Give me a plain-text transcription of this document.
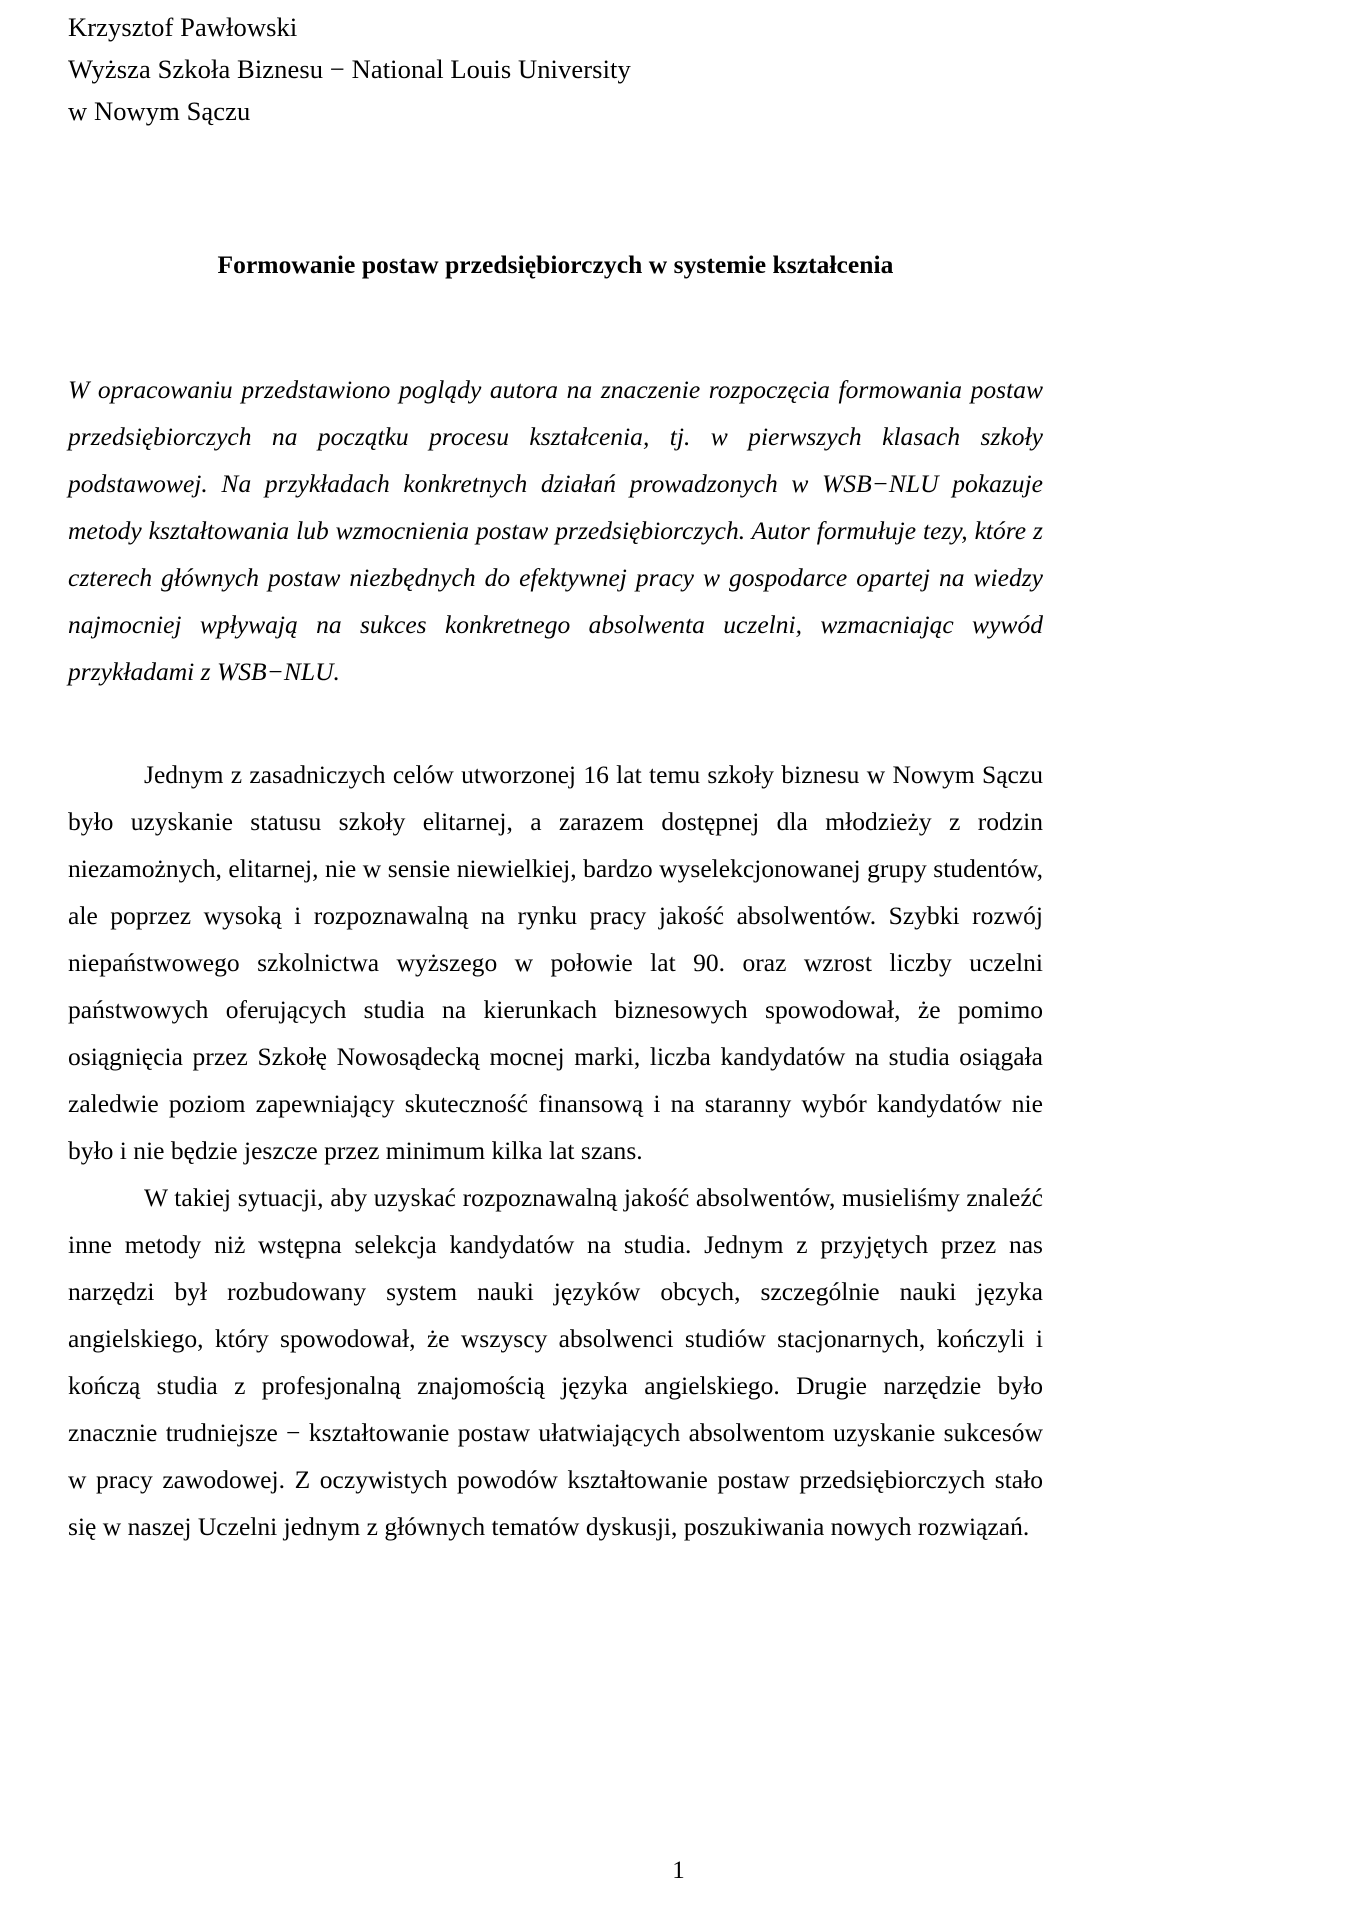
Krzysztof Pawłowski
Wyższa Szkoła Biznesu − National Louis University
w Nowym Sączu
Formowanie postaw przedsiębiorczych w systemie kształcenia

W opracowaniu przedstawiono poglądy autora na znaczenie rozpoczęcia formowania postaw przedsiębiorczych na początku procesu kształcenia, tj. w pierwszych klasach szkoły podstawowej. Na przykładach konkretnych działań prowadzonych w WSB−NLU pokazuje metody kształtowania lub wzmocnienia postaw przedsiębiorczych. Autor formułuje tezy, które z czterech głównych postaw niezbędnych do efektywnej pracy w gospodarce opartej na wiedzy najmocniej wpływają na sukces konkretnego absolwenta uczelni, wzmacniając wywód przykładami z WSB−NLU.

Jednym z zasadniczych celów utworzonej 16 lat temu szkoły biznesu w Nowym Sączu było uzyskanie statusu szkoły elitarnej, a zarazem dostępnej dla młodzieży z rodzin niezamożnych, elitarnej, nie w sensie niewielkiej, bardzo wyselekcjonowanej grupy studentów, ale poprzez wysoką i rozpoznawalną na rynku pracy jakość absolwentów. Szybki rozwój niepaństwowego szkolnictwa wyższego w połowie lat 90. oraz wzrost liczby uczelni państwowych oferujących studia na kierunkach biznesowych spowodował, że pomimo osiągnięcia przez Szkołę Nowosądecką mocnej marki, liczba kandydatów na studia osiągała zaledwie poziom zapewniający skuteczność finansową i na staranny wybór kandydatów nie było i nie będzie jeszcze przez minimum kilka lat szans.

W takiej sytuacji, aby uzyskać rozpoznawalną jakość absolwentów, musieliśmy znaleźć inne metody niż wstępna selekcja kandydatów na studia. Jednym z przyjętych przez nas narzędzi był rozbudowany system nauki języków obcych, szczególnie nauki języka angielskiego, który spowodował, że wszyscy absolwenci studiów stacjonarnych, kończyli i kończą studia z profesjonalną znajomością języka angielskiego. Drugie narzędzie było znacznie trudniejsze − kształtowanie postaw ułatwiających absolwentom uzyskanie sukcesów w pracy zawodowej. Z oczywistych powodów kształtowanie postaw przedsiębiorczych stało się w naszej Uczelni jednym z głównych tematów dyskusji, poszukiwania nowych rozwiązań.

1
